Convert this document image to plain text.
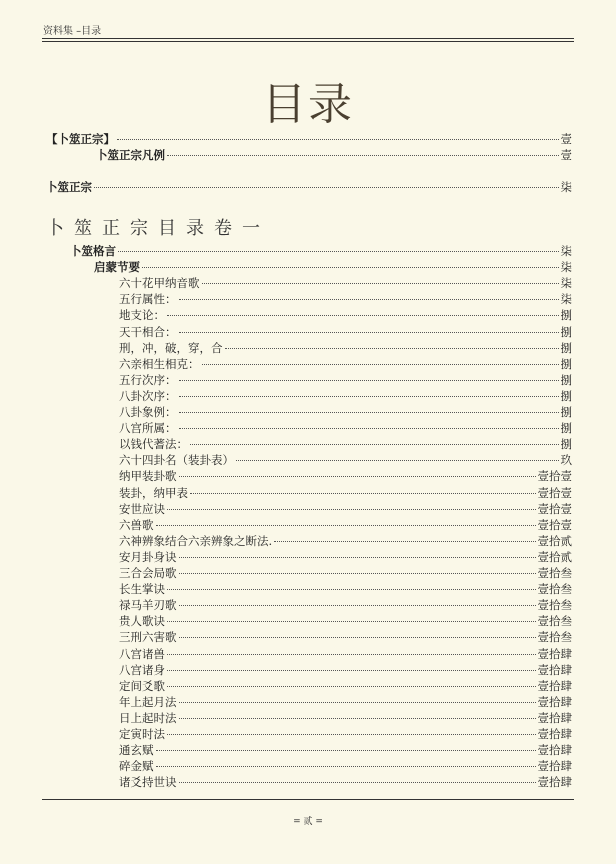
资料集 –目录
目录
【卜筮正宗】	壹
卜筮正宗凡例	壹
卜筮正宗	柒
卜筮正宗目录卷一
卜筮格言	柒
启蒙节要	柒
六十花甲纳音歌	柒
五行属性：	柒
地支论：	捌
天干相合：	捌
刑，冲，破，穿，合	捌
六亲相生相克：	捌
五行次序：	捌
八卦次序：	捌
八卦象例：	捌
八宫所属：	捌
以钱代蓍法：	捌
六十四卦名（装卦表）	玖
纳甲装卦歌	壹拾壹
装卦，纳甲表	壹拾壹
安世应诀	壹拾壹
六兽歌	壹拾壹
六神辨象结合六亲辨象之断法.	壹拾贰
安月卦身诀	壹拾贰
三合会局歌	壹拾叁
长生掌诀	壹拾叁
禄马羊刃歌	壹拾叁
贵人歌诀	壹拾叁
三刑六害歌	壹拾叁
八宫诸兽	壹拾肆
八宫诸身	壹拾肆
定间爻歌	壹拾肆
年上起月法	壹拾肆
日上起时法	壹拾肆
定寅时法	壹拾肆
通玄赋	壹拾肆
碎金赋	壹拾肆
诸爻持世诀	壹拾肆
= 贰 =
